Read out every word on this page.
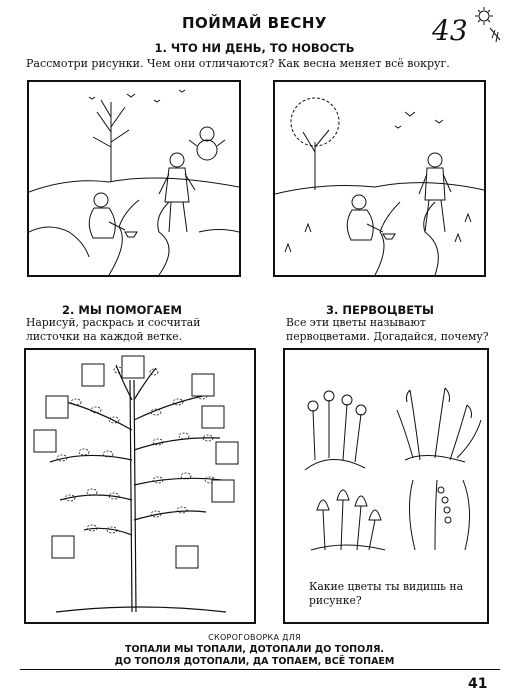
ПОЙМАЙ ВЕСНУ	43
1. ЧТО НИ ДЕНЬ, ТО НОВОСТЬ
Рассмотри рисунки. Чем они отличаются? Как весна меняет всё вокруг.
2. МЫ ПОМОГАЕМ
Нарисуй, раскрась и сосчитай листочки на каждой ветке.
3. ПЕРВОЦВЕТЫ
Все эти цветы называют первоцветами. Догадайся, почему?
Какие цветы ты видишь на рисунке?
СКОРОГОВОРКА ДЛЯ
ТОПАЛИ МЫ ТОПАЛИ, ДОТОПАЛИ ДО ТОПОЛЯ.
ДО ТОПОЛЯ ДОТОПАЛИ, ДА ТОПАЕМ, ВСЁ ТОПАЕМ
41
